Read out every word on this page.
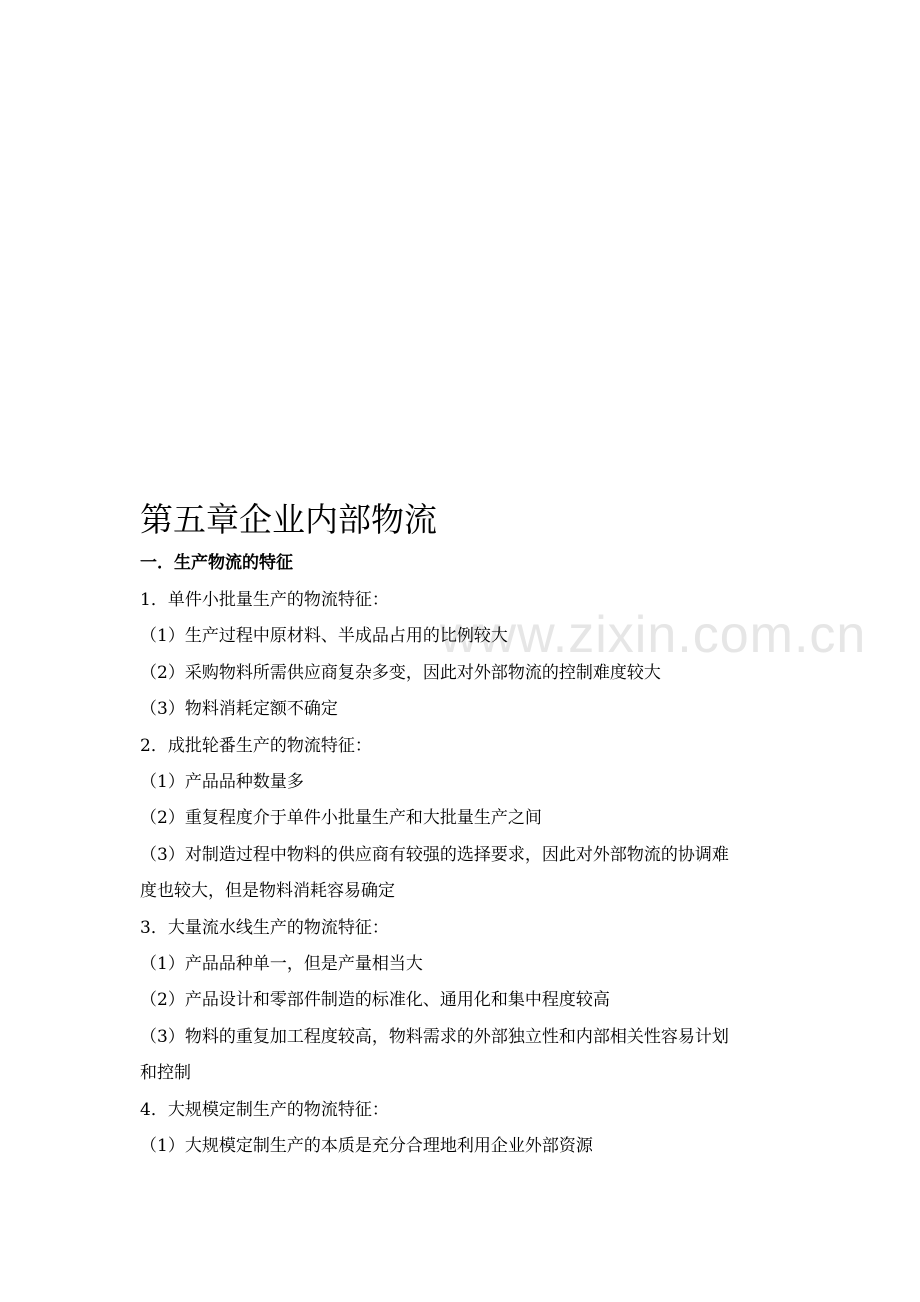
www.zixin.com.cn
第五章企业内部物流
一．生产物流的特征

1．单件小批量生产的物流特征：

（1）生产过程中原材料、半成品占用的比例较大

（2）采购物料所需供应商复杂多变，因此对外部物流的控制难度较大

（3）物料消耗定额不确定

2．成批轮番生产的物流特征：

（1）产品品种数量多

（2）重复程度介于单件小批量生产和大批量生产之间

（3）对制造过程中物料的供应商有较强的选择要求，因此对外部物流的协调难

度也较大，但是物料消耗容易确定

3．大量流水线生产的物流特征：

（1）产品品种单一，但是产量相当大

（2）产品设计和零部件制造的标准化、通用化和集中程度较高

（3）物料的重复加工程度较高，物料需求的外部独立性和内部相关性容易计划

和控制

4．大规模定制生产的物流特征：

（1）大规模定制生产的本质是充分合理地利用企业外部资源
